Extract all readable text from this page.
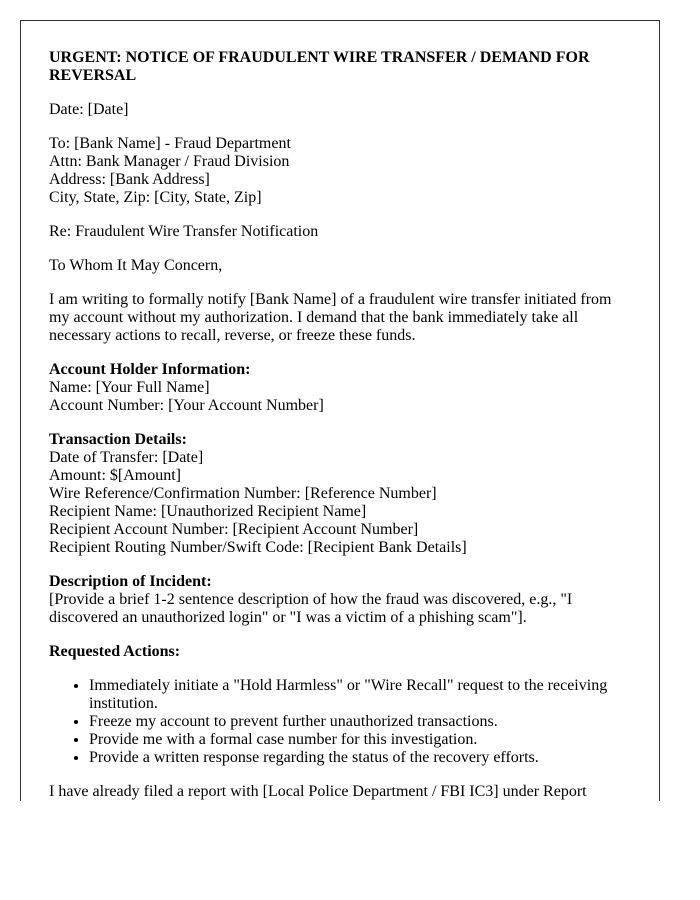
URGENT: NOTICE OF FRAUDULENT WIRE TRANSFER / DEMAND FOR REVERSAL

Date: [Date]

To: [Bank Name] - Fraud Department
Attn: Bank Manager / Fraud Division
Address: [Bank Address]
City, State, Zip: [City, State, Zip]

Re: Fraudulent Wire Transfer Notification

To Whom It May Concern,

I am writing to formally notify [Bank Name] of a fraudulent wire transfer initiated from my account without my authorization. I demand that the bank immediately take all necessary actions to recall, reverse, or freeze these funds.

Account Holder Information:
Name: [Your Full Name]
Account Number: [Your Account Number]

Transaction Details:
Date of Transfer: [Date]
Amount: $[Amount]
Wire Reference/Confirmation Number: [Reference Number]
Recipient Name: [Unauthorized Recipient Name]
Recipient Account Number: [Recipient Account Number]
Recipient Routing Number/Swift Code: [Recipient Bank Details]

Description of Incident:
[Provide a brief 1-2 sentence description of how the fraud was discovered, e.g., "I discovered an unauthorized login" or "I was a victim of a phishing scam"].

Requested Actions:

• Immediately initiate a "Hold Harmless" or "Wire Recall" request to the receiving institution.
• Freeze my account to prevent further unauthorized transactions.
• Provide me with a formal case number for this investigation.
• Provide a written response regarding the status of the recovery efforts.

I have already filed a report with [Local Police Department / FBI IC3] under Report
